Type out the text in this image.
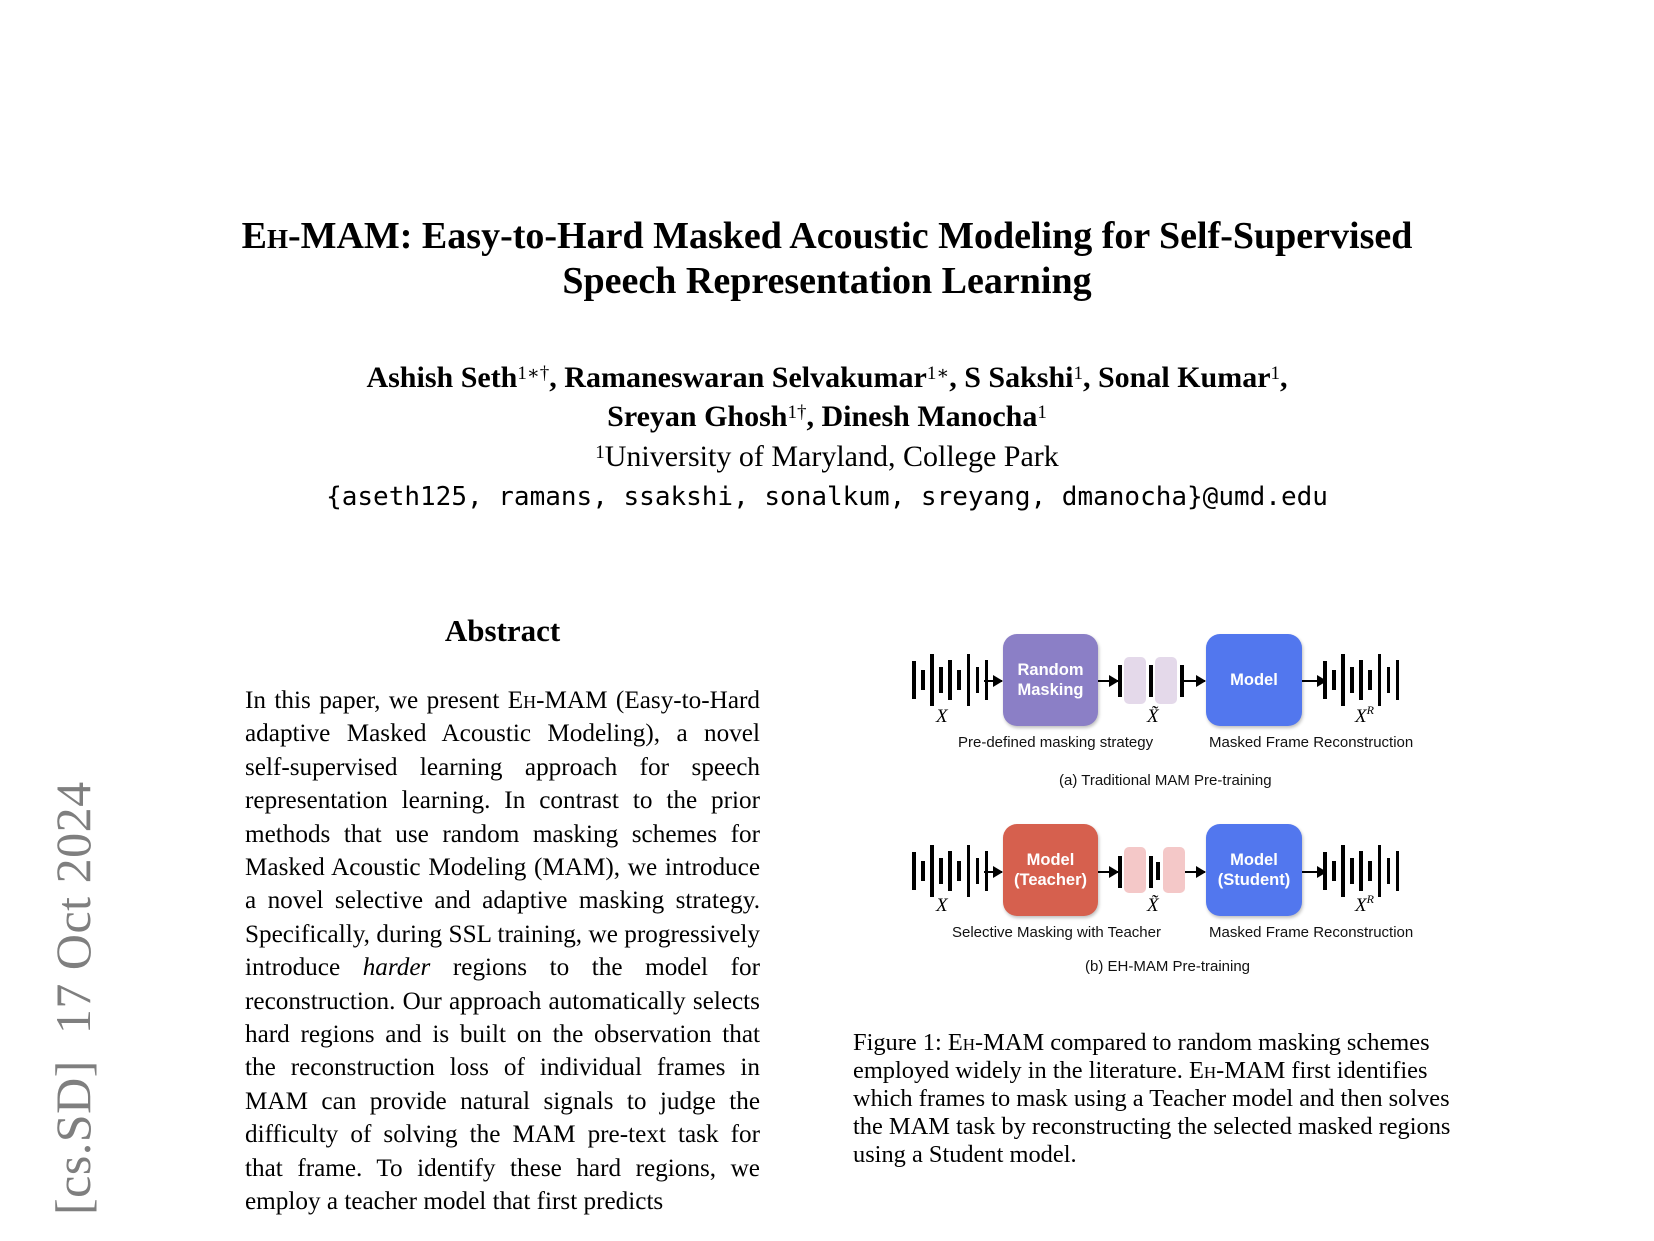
[cs.SD]  17 Oct 2024
Eh-MAM: Easy-to-Hard Masked Acoustic Modeling for Self-Supervised
Speech Representation Learning
Ashish Seth$^{1∗\dagger}$, Ramaneswaran Selvakumar$^{1∗}$, S Sakshi$^1$, Sonal Kumar$^1$,
Sreyan Ghosh$^{1\dagger}$, Dinesh Manocha$^1$
$^1$University of Maryland, College Park
{aseth125, ramans, ssakshi, sonalkum, sreyang, dmanocha}@umd.edu
Abstract

In this paper, we present Eh-MAM (Easy-to-Hard adaptive Masked Acoustic Modeling), a novel self-supervised learning approach for speech representation learning. In contrast to the prior methods that use random masking schemes for Masked Acoustic Modeling (MAM), we introduce a novel selective and adaptive masking strategy. Specifically, during SSL training, we progressively introduce harder regions to the model for reconstruction. Our approach automatically selects hard regions and is built on the observation that the reconstruction loss of individual frames in MAM can provide natural signals to judge the difficulty of solving the MAM pre-text task for that frame. To identify these hard regions, we employ a teacher model that first predicts

Random Masking
Model
X	X̃	$X^R$
Pre-defined masking strategy	Masked Frame Reconstruction
(a) Traditional MAM Pre-training
Model
(Teacher)
Model
(Student)
X	X̃	$X^R$
Selective Masking with Teacher	Masked Frame Reconstruction
(b) EH-MAM Pre-training
Figure 1: Eh-MAM compared to random masking schemes employed widely in the literature. Eh-MAM first identifies which frames to mask using a Teacher model and then solves the MAM task by reconstructing the selected masked regions using a Student model.
